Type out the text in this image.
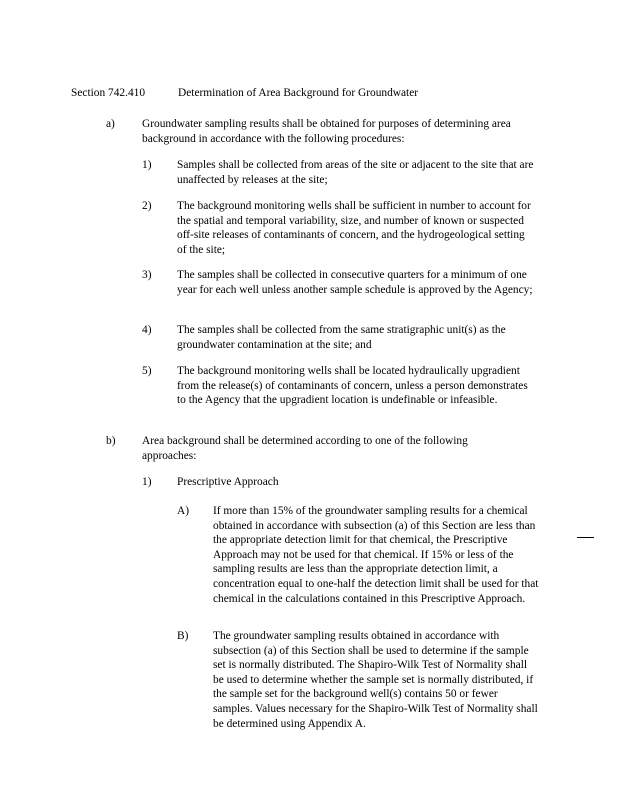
Section 742.410	Determination of Area Background for Groundwater

a) Groundwater sampling results shall be obtained for purposes of determining area background in accordance with the following procedures:

1) Samples shall be collected from areas of the site or adjacent to the site that are unaffected by releases at the site;

2) The background monitoring wells shall be sufficient in number to account for the spatial and temporal variability, size, and number of known or suspected off-site releases of contaminants of concern, and the hydrogeological setting of the site;

3) The samples shall be collected in consecutive quarters for a minimum of one year for each well unless another sample schedule is approved by the Agency;

4) The samples shall be collected from the same stratigraphic unit(s) as the groundwater contamination at the site; and

5) The background monitoring wells shall be located hydraulically upgradient from the release(s) of contaminants of concern, unless a person demonstrates to the Agency that the upgradient location is undefinable or infeasible.

b) Area background shall be determined according to one of the following approaches:

1) Prescriptive Approach

A) If more than 15% of the groundwater sampling results for a chemical obtained in accordance with subsection (a) of this Section are less than the appropriate detection limit for that chemical, the Prescriptive Approach may not be used for that chemical. If 15% or less of the sampling results are less than the appropriate detection limit, a concentration equal to one-half the detection limit shall be used for that chemical in the calculations contained in this Prescriptive Approach.

B) The groundwater sampling results obtained in accordance with subsection (a) of this Section shall be used to determine if the sample set is normally distributed. The Shapiro-Wilk Test of Normality shall be used to determine whether the sample set is normally distributed, if the sample set for the background well(s) contains 50 or fewer samples. Values necessary for the Shapiro-Wilk Test of Normality shall be determined using Appendix A.
